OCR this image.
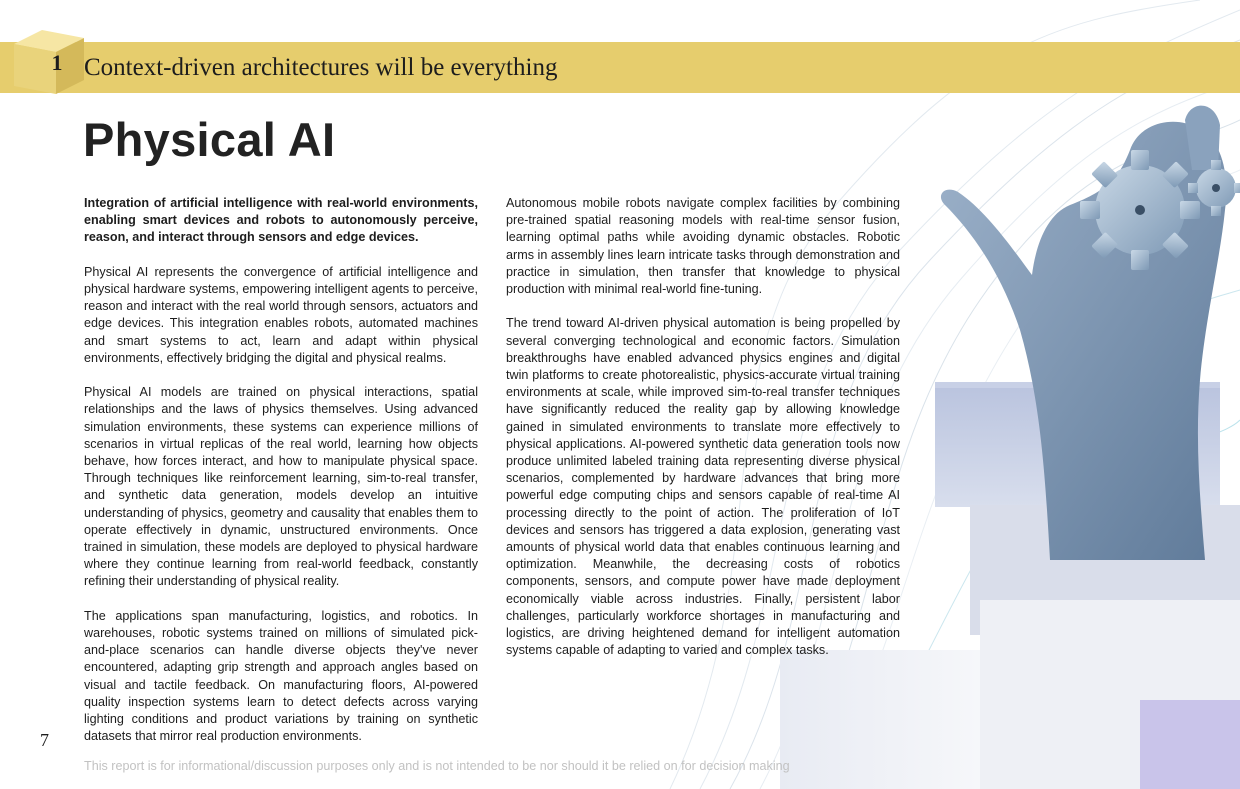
1 Context-driven architectures will be everything
Physical AI

Integration of artificial intelligence with real-world environments, enabling smart devices and robots to autonomously perceive, reason, and interact through sensors and edge devices.

Physical AI represents the convergence of artificial intelligence and physical hardware systems, empowering intelligent agents to perceive, reason and interact with the real world through sensors, actuators and edge devices. This integration enables robots, automated machines and smart systems to act, learn and adapt within physical environments, effectively bridging the digital and physical realms.

Physical AI models are trained on physical interactions, spatial relationships and the laws of physics themselves. Using advanced simulation environments, these systems can experience millions of scenarios in virtual replicas of the real world, learning how objects behave, how forces interact, and how to manipulate physical space. Through techniques like reinforcement learning, sim-to-real transfer, and synthetic data generation, models develop an intuitive understanding of physics, geometry and causality that enables them to operate effectively in dynamic, unstructured environments. Once trained in simulation, these models are deployed to physical hardware where they continue learning from real-world feedback, constantly refining their understanding of physical reality.

The applications span manufacturing, logistics, and robotics. In warehouses, robotic systems trained on millions of simulated pick-and-place scenarios can handle diverse objects they've never encountered, adapting grip strength and approach angles based on visual and tactile feedback. On manufacturing floors, AI-powered quality inspection systems learn to detect defects across varying lighting conditions and product variations by training on synthetic datasets that mirror real production environments.

Autonomous mobile robots navigate complex facilities by combining pre-trained spatial reasoning models with real-time sensor fusion, learning optimal paths while avoiding dynamic obstacles. Robotic arms in assembly lines learn intricate tasks through demonstration and practice in simulation, then transfer that knowledge to physical production with minimal real-world fine-tuning.

The trend toward AI-driven physical automation is being propelled by several converging technological and economic factors. Simulation breakthroughs have enabled advanced physics engines and digital twin platforms to create photorealistic, physics-accurate virtual training environments at scale, while improved sim-to-real transfer techniques have significantly reduced the reality gap by allowing knowledge gained in simulated environments to translate more effectively to physical applications. AI-powered synthetic data generation tools now produce unlimited labeled training data representing diverse physical scenarios, complemented by hardware advances that bring more powerful edge computing chips and sensors capable of real-time AI processing directly to the point of action. The proliferation of IoT devices and sensors has triggered a data explosion, generating vast amounts of physical world data that enables continuous learning and optimization. Meanwhile, the decreasing costs of robotics components, sensors, and compute power have made deployment economically viable across industries. Finally, persistent labor challenges, particularly workforce shortages in manufacturing and logistics, are driving heightened demand for intelligent automation systems capable of adapting to varied and complex tasks.

7
This report is for informational/discussion purposes only and is not intended to be nor should it be relied on for decision making
